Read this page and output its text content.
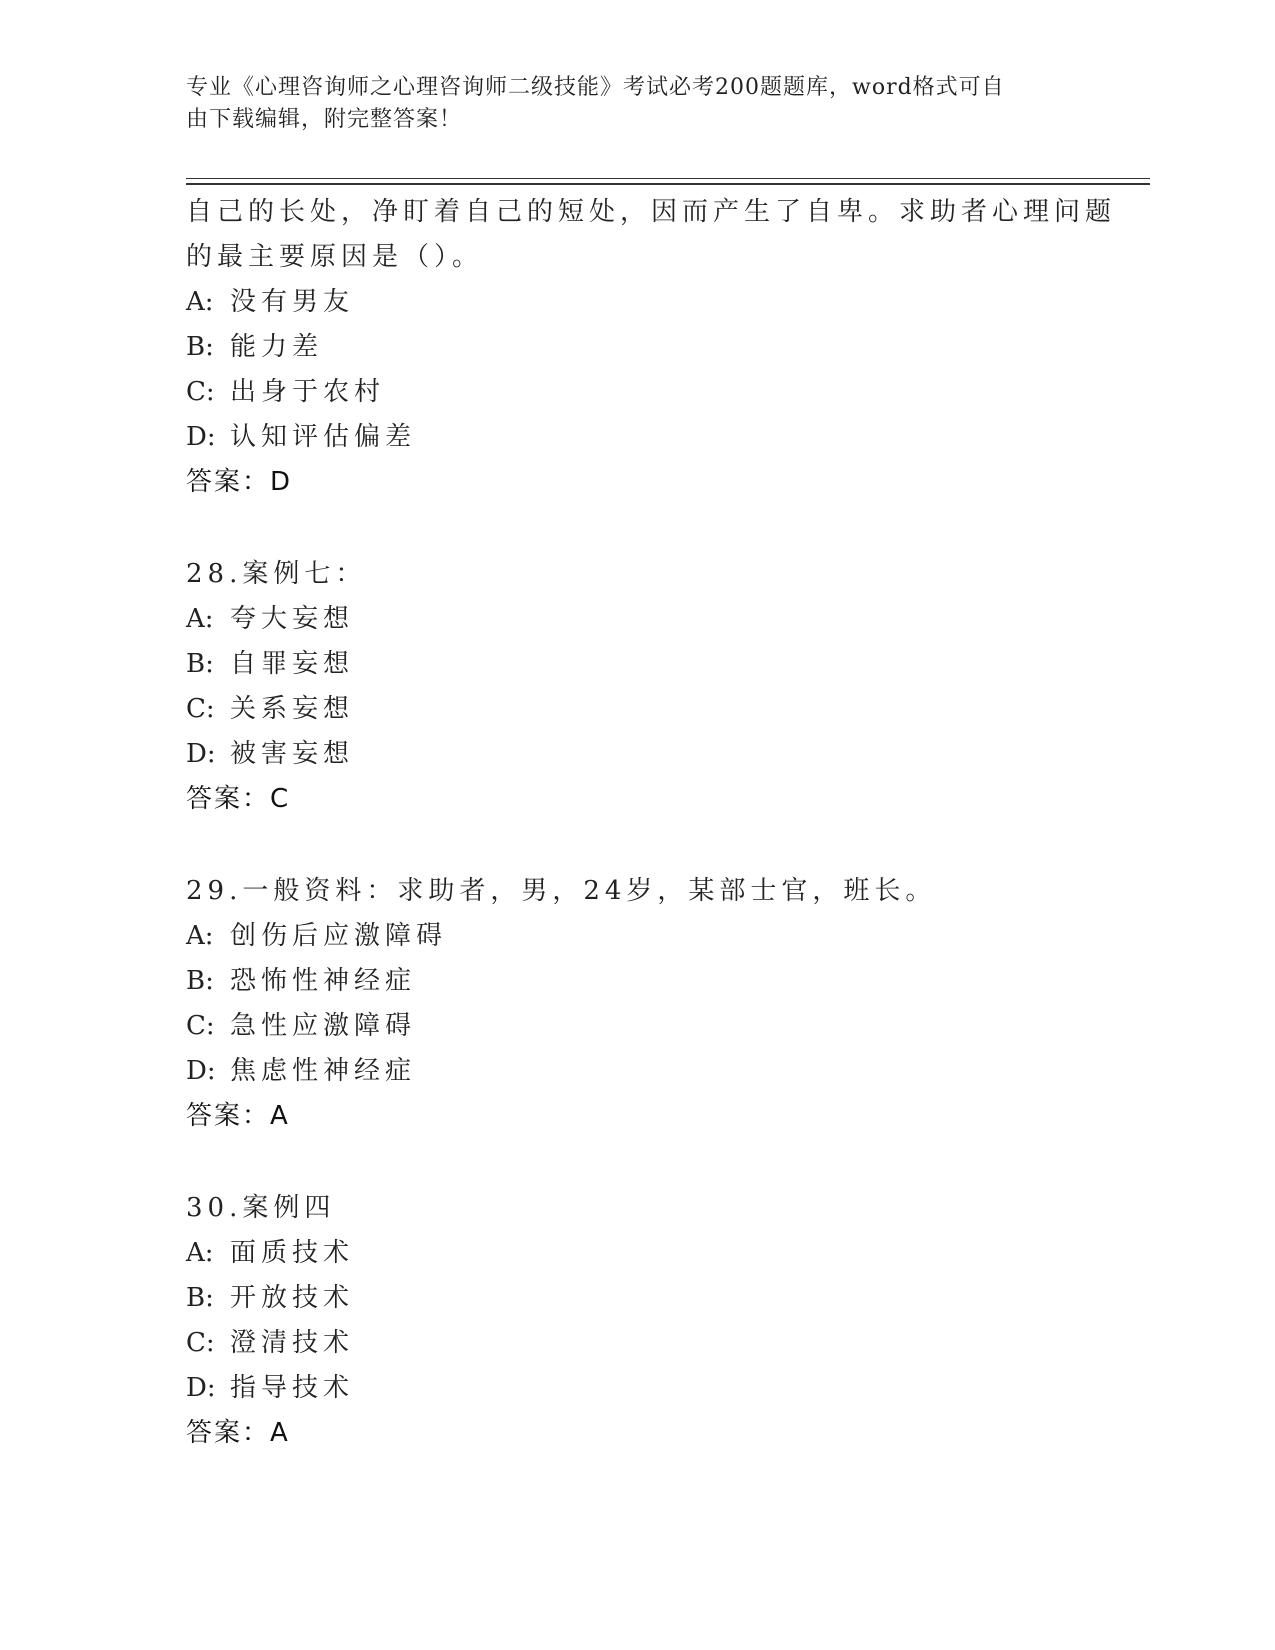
专业《心理咨询师之心理咨询师二级技能》考试必考200题题库，word格式可自
由下载编辑，附完整答案！
自己的长处，净盯着自己的短处，因而产生了自卑。求助者心理问题
的最主要原因是（）。
A: 没有男友
B: 能力差
C: 出身于农村
D: 认知评估偏差
答案：D
28.案例七：
A: 夸大妄想
B: 自罪妄想
C: 关系妄想
D: 被害妄想
答案：C
29.一般资料：求助者，男，24岁，某部士官，班长。
A: 创伤后应激障碍
B: 恐怖性神经症
C: 急性应激障碍
D: 焦虑性神经症
答案：A
30.案例四
A: 面质技术
B: 开放技术
C: 澄清技术
D: 指导技术
答案：A
